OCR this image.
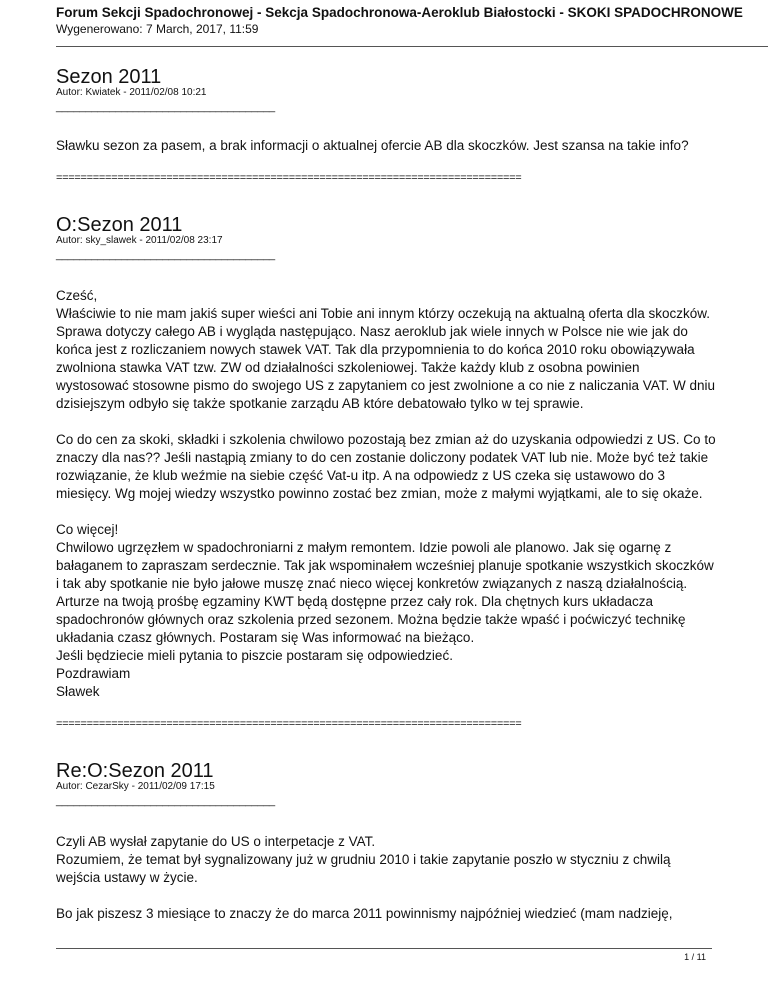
Forum Sekcji Spadochronowej - Sekcja Spadochronowa-Aeroklub Białostocki - SKOKI SPADOCHRONOWE
Wygenerowano: 7 March, 2017, 11:59
Sezon 2011
Autor: Kwiatek - 2011/02/08 10:21
_____________________________________

Sławku sezon za pasem, a brak informacji o aktualnej ofercie AB dla skoczków. Jest szansa na takie info?

============================================================================
O:Sezon 2011
Autor: sky_slawek - 2011/02/08 23:17
_____________________________________

Cześć,
Właściwie to nie mam jakiś super wieści ani Tobie ani innym którzy oczekują na aktualną oferta dla skoczków. Sprawa dotyczy całego AB i wygląda następująco. Nasz aeroklub jak wiele innych w Polsce nie wie jak do końca jest z rozliczaniem nowych stawek VAT. Tak dla przypomnienia to do końca 2010 roku obowiązywała zwolniona stawka VAT tzw. ZW od działalności szkoleniowej. Także każdy klub z osobna powinien wystosować stosowne pismo do swojego US z zapytaniem co jest zwolnione a co nie z naliczania VAT. W dniu dzisiejszym odbyło się także spotkanie zarządu AB które debatowało tylko w tej sprawie.

Co do cen za skoki, składki i szkolenia chwilowo pozostają bez zmian aż do uzyskania odpowiedzi z US. Co to znaczy dla nas?? Jeśli nastąpią zmiany to do cen zostanie doliczony podatek VAT lub nie. Może być też takie rozwiązanie, że klub weźmie na siebie część Vat-u itp. A na odpowiedz z US czeka się ustawowo do 3 miesięcy. Wg mojej wiedzy wszystko powinno zostać bez zmian, może z małymi wyjątkami, ale to się okaże.

Co więcej!
Chwilowo ugrzęzłem w spadochroniarni z małym remontem. Idzie powoli ale planowo. Jak się ogarnę z bałaganem to zapraszam serdecznie. Tak jak wspominałem wcześniej planuje spotkanie wszystkich skoczków i tak aby spotkanie nie było jałowe muszę znać nieco więcej konkretów związanych z naszą działalnością. Arturze na twoją prośbę egzaminy KWT będą dostępne przez cały rok. Dla chętnych kurs układacza spadochronów głównych oraz szkolenia przed sezonem. Można będzie także wpaść i poćwiczyć technikę układania czasz głównych. Postaram się Was informować na bieżąco.
Jeśli będziecie mieli pytania to piszcie postaram się odpowiedzieć.
Pozdrawiam
Sławek

============================================================================
Re:O:Sezon 2011
Autor: CezarSky - 2011/02/09 17:15
_____________________________________

Czyli AB wysłał zapytanie do US o interpetacje z VAT.
Rozumiem, że temat był sygnalizowany już w grudniu 2010 i takie zapytanie poszło w styczniu z chwilą wejścia ustawy w życie.

Bo jak piszesz 3 miesiące to znaczy że do marca 2011 powinnismy najpóźniej wiedzieć (mam nadzieję,

1 / 11
